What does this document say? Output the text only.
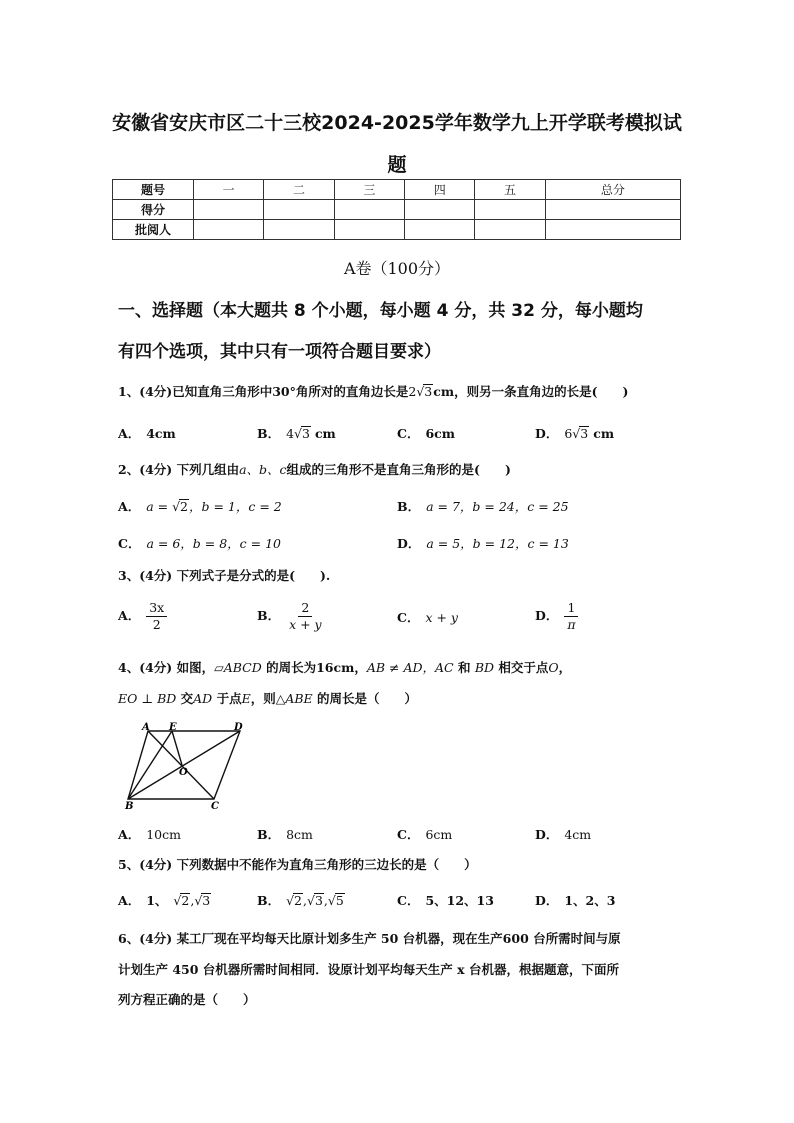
安徽省安庆市区二十三校2024-2025学年数学九上开学联考模拟试
题
题号	一	二	三	四	五	总分
得分						
批阅人						
A卷（100分）
一、选择题（本大题共 8 个小题，每小题 4 分，共 32 分，每小题均
有四个选项，其中只有一项符合题目要求）
1、(4分)已知直角三角形中30°角所对的直角边长是2√3cm，则另一条直角边的长是(　　)
A． 4cm	B． 4√3 cm	C． 6cm	D． 6√3 cm
2、(4分) 下列几组由a、b、c组成的三角形不是直角三角形的是(　　)
A． a = √2，b = 1，c = 2	B． a = 7，b = 24，c = 25
C． a = 6，b = 8，c = 10	D． a = 5，b = 12，c = 13
3、(4分) 下列式子是分式的是(　　).
A． $\frac{3x}{2}$	B． $\frac{2}{x + y}$	C． x + y	D． $\frac{1}{\pi}$
4、(4分) 如图，▱ABCD 的周长为16cm，AB ≠ AD，AC 和 BD 相交于点O，
EO ⊥ BD 交AD 于点E，则△ABE 的周长是（　　）
A E	D
O
B	C
A． 10cm	B． 8cm	C． 6cm	D． 4cm
5、(4分) 下列数据中不能作为直角三角形的三边长的是（　　）
A． 1、 √2,√3	B． √2,√3,√5	C． 5、12、13	D． 1、2、3
6、(4分) 某工厂现在平均每天比原计划多生产 50 台机器，现在生产600 台所需时间与原
计划生产 450 台机器所需时间相同．设原计划平均每天生产 x 台机器，根据题意，下面所
列方程正确的是（　　）
